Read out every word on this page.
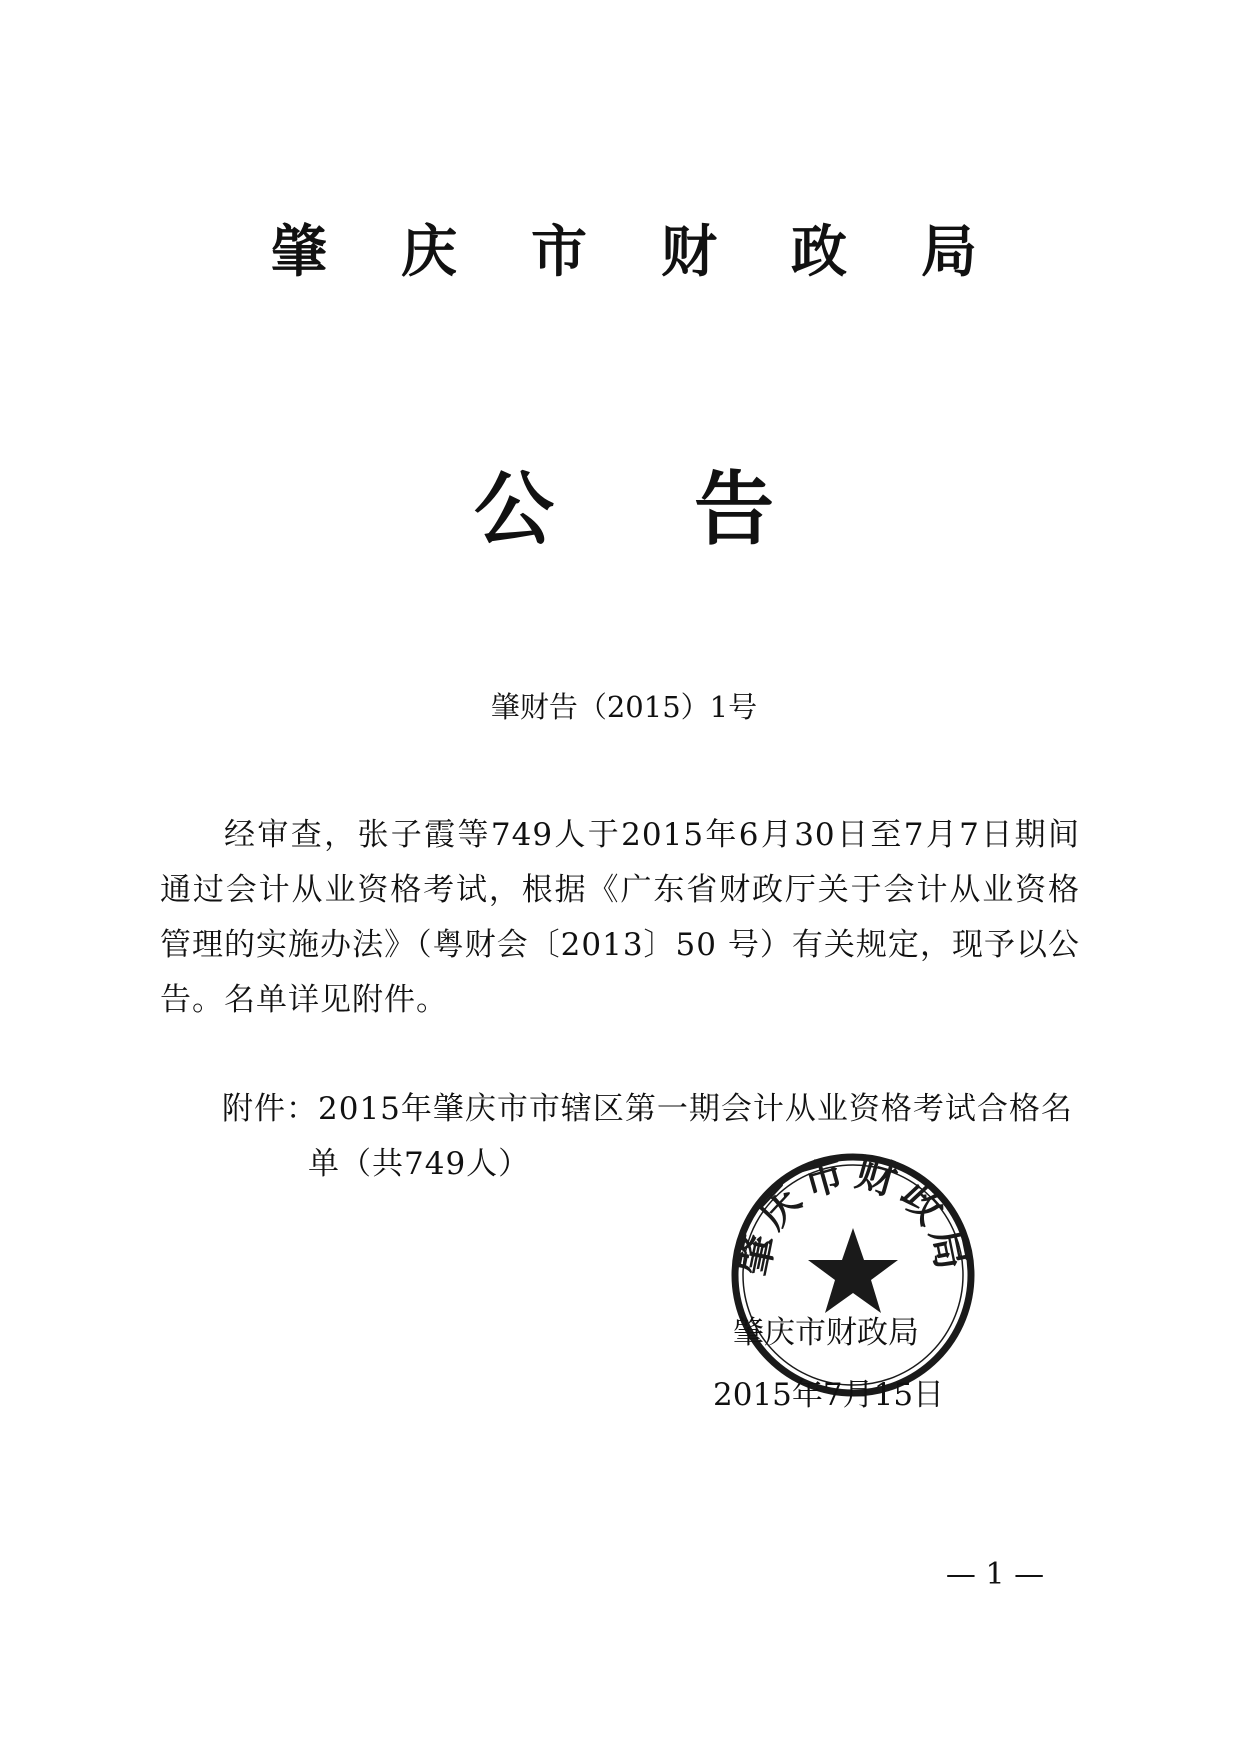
肇庆市财政局
公告
肇财告（2015）1号
经审查，张子霞等749人于2015年6月30日至7月7日期间通过会计从业资格考试，根据《广东省财政厅关于会计从业资格管理的实施办法》（粤财会〔2013〕50 号）有关规定，现予以公告。名单详见附件。
附件：2015年肇庆市市辖区第一期会计从业资格考试合格名
单（共749人）
肇庆市财政局
肇庆市财政局
2015年7月15日
— 1 —
